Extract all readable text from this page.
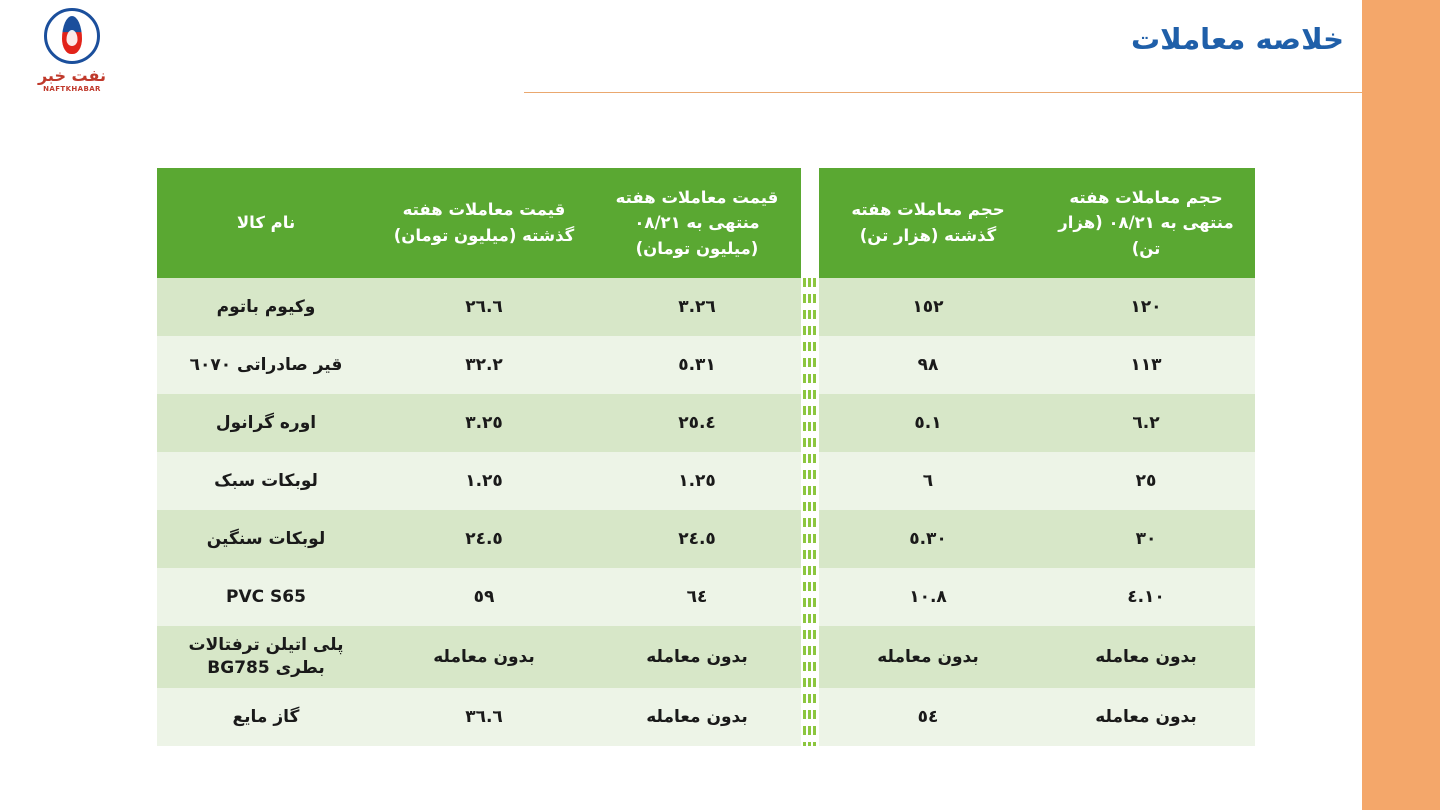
خلاصه معاملات
نفت خبر
NAFTKHABAR
حجم معاملات هفته منتهی به ۰۸/۲۱ (هزار تن)	حجم معاملات هفته گذشته (هزار تن)		قیمت معاملات هفته منتهی به ۰۸/۲۱ (میلیون تومان)	قیمت معاملات هفته گذشته (میلیون تومان)	نام کالا
۱۲۰	۱٥۲		۲٦.۳	۲٦.٦	وکیوم باتوم
۱۱۳	۹۸		۳۱.٥	۳۲.۲	قیر صادراتی ٦۰۷۰
۲.٦	۱.٥		۲٥.٤	۲٥.۳	اوره گرانول
۲٥	٦		۲٥.۱	۲٥.۱	لوبکات سبک
۳۰	۳۰.٥		۲٤.٥	۲٤.٥	لوبکات سنگین
۱۰.٤	۱۰.۸		٦٤	٥۹	PVC S65
بدون معامله	بدون معامله		بدون معامله	بدون معامله	پلی اتیلن ترفتالات بطری BG785
بدون معامله	٥٤		بدون معامله	۳٦.٦	گاز مایع
